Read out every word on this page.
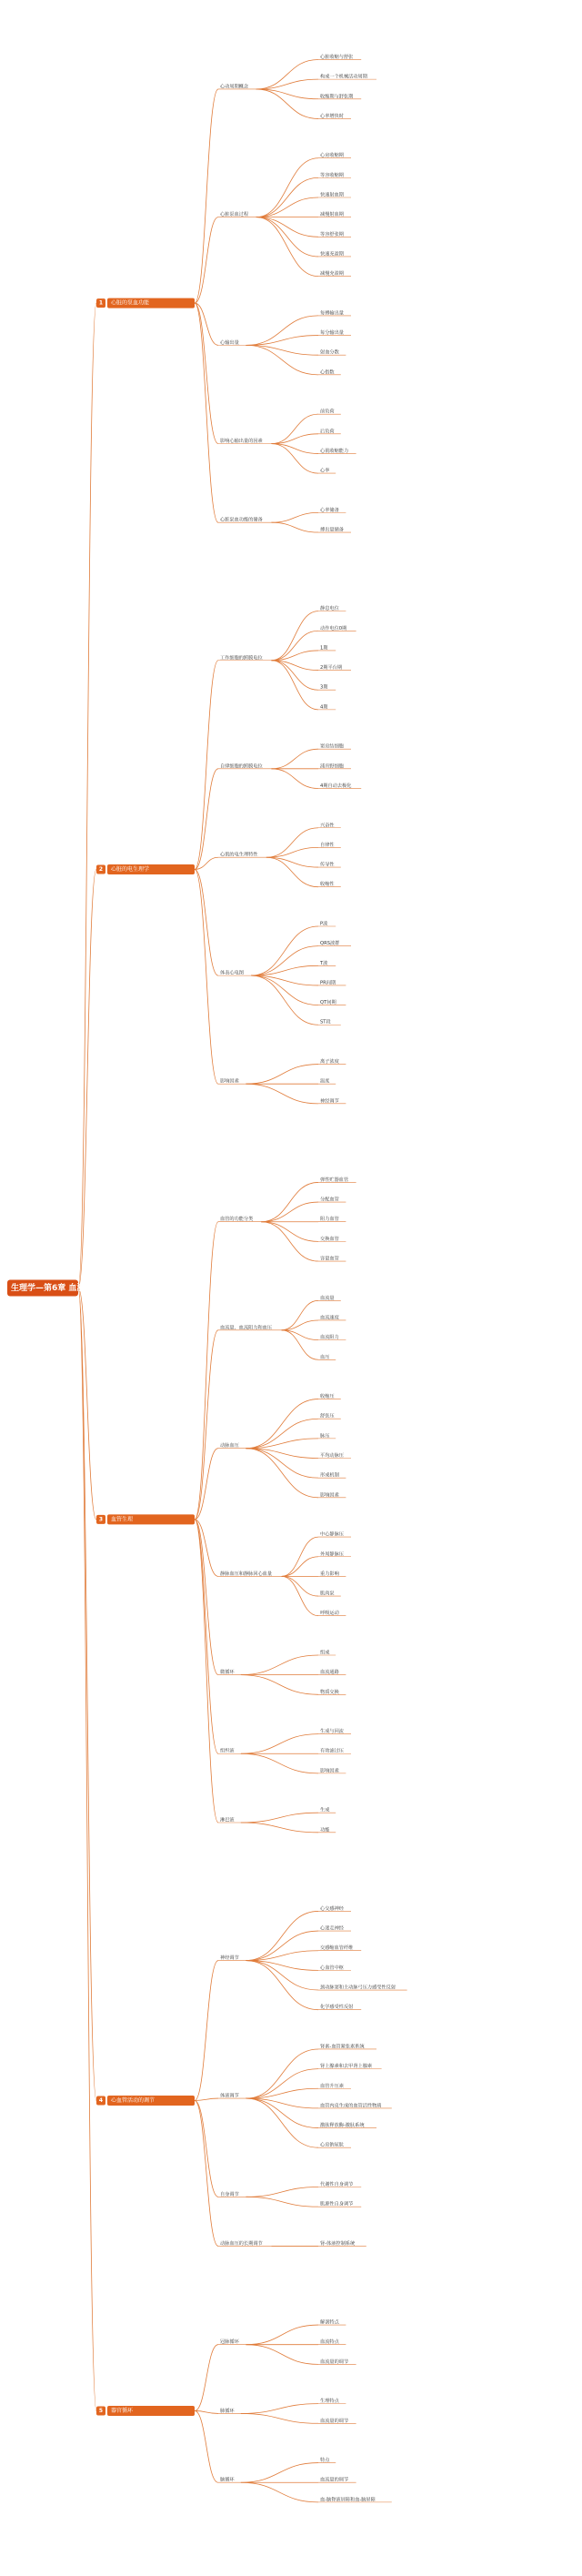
心脏收缩与舒张
构成一个机械活动周期
收缩期与舒张期
心率增快时
心动周期概念
心房收缩期
等容收缩期
快速射血期
减慢射血期
等容舒张期
快速充盈期
减慢充盈期
心脏泵血过程
每搏输出量
每分输出量
射血分数
心指数
心输出量
前负荷
后负荷
心肌收缩能力
心率
影响心输出量的因素
心率储备
搏出量储备
心脏泵血功能的储备
1 心脏的泵血功能
静息电位
动作电位0期
1期
2期平台期
3期
4期
工作细胞的跨膜电位
窦房结细胞
浦肯野细胞
4期自动去极化
自律细胞的跨膜电位
兴奋性
自律性
传导性
收缩性
心肌的电生理特性
P波
QRS波群
T波
PR间期
QT间期
ST段
体表心电图
离子浓度
温度
神经调节
影响因素
2 心脏的电生理学
弹性贮器血管
分配血管
阻力血管
交换血管
容量血管
血管的功能分类
血流量
血流速度
血流阻力
血压
血流量、血流阻力和血压
收缩压
舒张压
脉压
平均动脉压
形成机制
影响因素
动脉血压
中心静脉压
外周静脉压
重力影响
肌肉泵
呼吸运动
静脉血压和静脉回心血量
组成
血流通路
物质交换
微循环
生成与回流
有效滤过压
影响因素
组织液
生成
功能
淋巴液
3 血管生理
心交感神经
心迷走神经
交感缩血管纤维
心血管中枢
颈动脉窦和主动脉弓压力感受性反射
化学感受性反射
神经调节
肾素-血管紧张素系统
肾上腺素和去甲肾上腺素
血管升压素
血管内皮生成的血管活性物质
激肽释放酶-激肽系统
心房钠尿肽
体液调节
代谢性自身调节
肌源性自身调节
自身调节
肾-体液控制系统
动脉血压的长期调节
4 心血管活动的调节
解剖特点
血流特点
血流量的调节
冠脉循环
生理特点
血流量的调节
肺循环
特点
血流量的调节
血-脑脊液屏障和血-脑屏障
脑循环
5 器官循环
生理学—第6章 血液循环
